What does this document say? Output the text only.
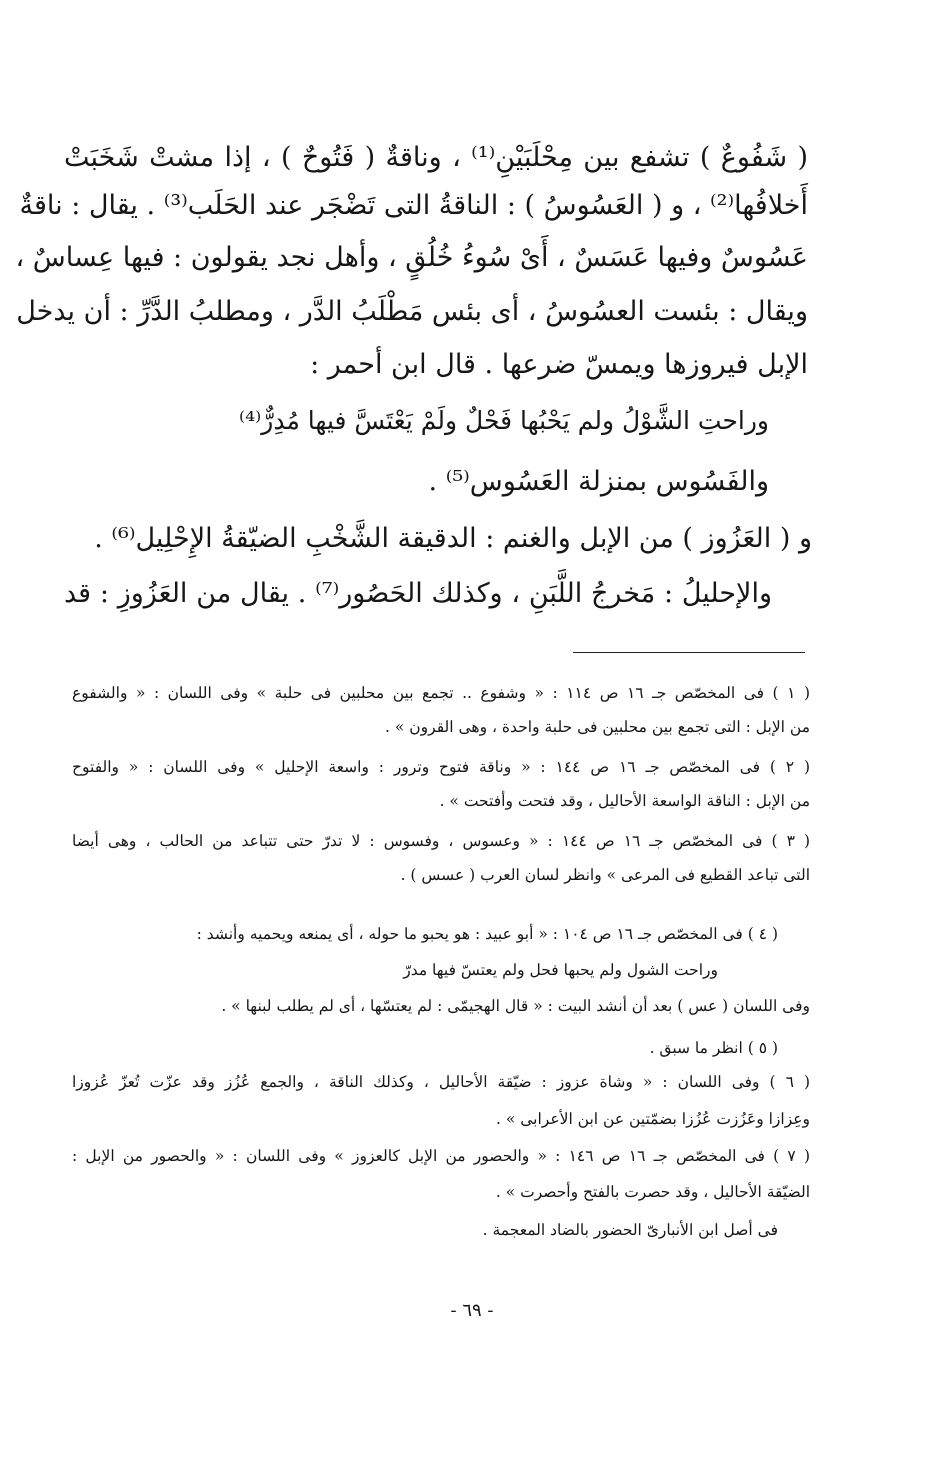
( شَفُوعٌ ) تشفع بين مِحْلَبَيْنِ⁽¹⁾ ، وناقةٌ ( فَتُوحٌ ) ، إذا مشتْ شَخَبَتْ
أَخلافُها⁽²⁾ ، و ( العَسُوسُ ) : الناقةُ التى تَضْجَر عند الحَلَب⁽³⁾ . يقال : ناقةٌ
عَسُوسٌ وفيها عَسَسٌ ، أَىْ سُوءُ خُلُقٍ ، وأهل نجد يقولون : فيها عِساسٌ ،
ويقال : بئست العسُوسُ ، أى بئس مَطْلَبُ الدَّر ، ومطلبُ الدَّرِّ : أن يدخل
الإبل فيروزها ويمسّ ضرعها . قال ابن أحمر :
وراحتِ الشَّوْلُ ولم يَحْبُها فَحْلٌ ولَمْ يَعْتَسَّ فيها مُدِرٌّ⁽⁴⁾
والفَسُوس بمنزلة العَسُوس⁽⁵⁾ .
و ( العَزُوز ) من الإبل والغنم : الدقيقة الشَّخْبِ الضيّقةُ الإِحْلِيل⁽⁶⁾ .
والإحليلُ : مَخرجُ اللَّبَنِ ، وكذلك الحَصُور⁽⁷⁾ . يقال من العَزُوزِ : قد
( ١ ) فى المخصّص جـ ١٦ ص ١١٤ : « وشفوع .. تجمع بين محلبين فى حلبة » وفى اللسان : « والشفوع
من الإبل : التى تجمع بين محلبين فى حلبة واحدة ، وهى القرون » .
( ٢ ) فى المخصّص جـ ١٦ ص ١٤٤ : « وناقة فتوح وترور : واسعة الإحليل » وفى اللسان : « والفتوح
من الإبل : الناقة الواسعة الأحاليل ، وقد فتحت وأفتحت » .
( ٣ ) فى المخصّص جـ ١٦ ص ١٤٤ : « وعسوس ، وفسوس : لا تدرّ حتى تتباعد من الحالب ، وهى أيضا
التى تباعد القطيع فى المرعى » وانظر لسان العرب ( عسس ) .
( ٤ ) فى المخصّص جـ ١٦ ص ١٠٤ : « أبو عبيد : هو يحبو ما حوله ، أى يمنعه ويحميه وأنشد :
وراحت الشول ولم يحبها فحل ولم يعتسّ فيها مدرّ
وفى اللسان ( عس ) بعد أن أنشد البيت : « قال الهجيمّى : لم يعتسّها ، أى لم يطلب لبنها » .
( ٥ ) انظر ما سبق .
( ٦ ) وفى اللسان : « وشاة عزوز : ضيّقة الأحاليل ، وكذلك الناقة ، والجمع عُزُز وقد عزّت تُعزّ عُزوزا
وعِزازا وعَزُزت عُزُزا بضمّتين عن ابن الأعرابى » .
( ٧ ) فى المخصّص جـ ١٦ ص ١٤٦ : « والحصور من الإبل كالعزوز » وفى اللسان : « والحصور من الإبل :
الضيّقة الأحاليل ، وقد حصرت بالفتح وأحصرت » .
فى أصل ابن الأنبارىّ الحضور بالضاد المعجمة .
- ٦٩ -
